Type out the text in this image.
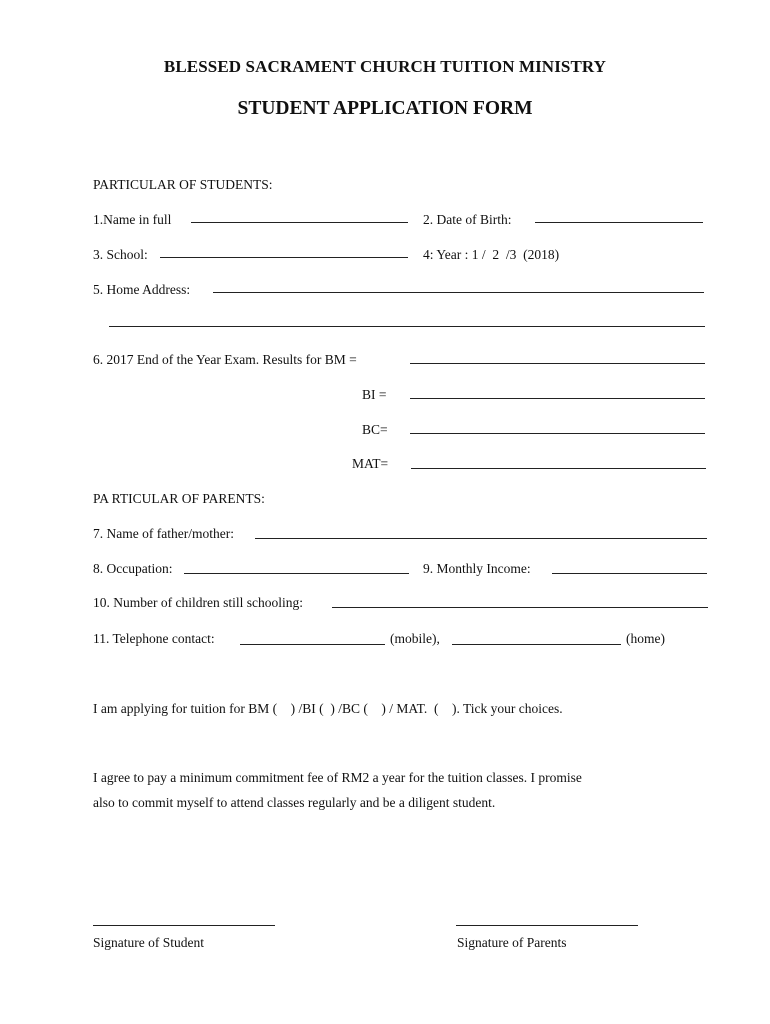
BLESSED SACRAMENT CHURCH TUITION MINISTRY
STUDENT APPLICATION FORM
PARTICULAR OF STUDENTS:
1.Name in full	2. Date of Birth:
3. School:	4: Year : 1 /  2  /3  (2018)
5. Home Address:
6. 2017 End of the Year Exam. Results for BM =
BI =
BC=
MAT=
PA RTICULAR OF PARENTS:
7. Name of father/mother:
8. Occupation:	9. Monthly Income:
10. Number of children still schooling:
11. Telephone contact:	(mobile),	(home)
I am applying for tuition for BM (    ) /BI (  ) /BC (    ) / MAT.  (    ). Tick your choices.
I agree to pay a minimum commitment fee of RM2 a year for the tuition classes. I promise
also to commit myself to attend classes regularly and be a diligent student.
Signature of Student	Signature of Parents
